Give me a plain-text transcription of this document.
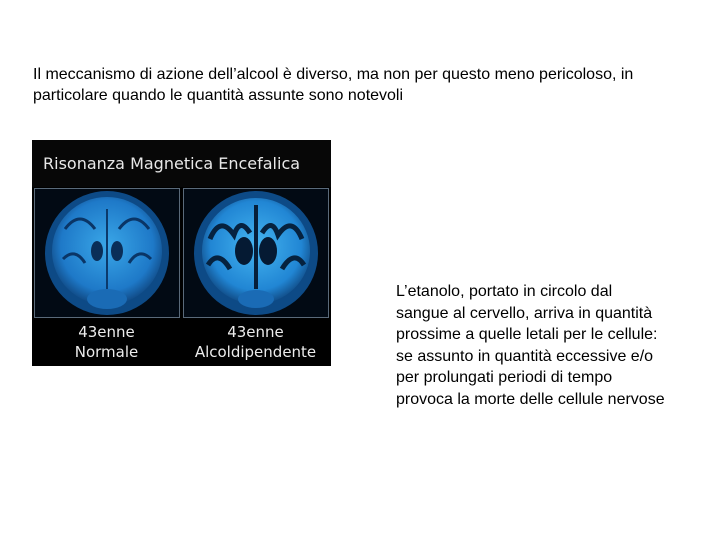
Il meccanismo di azione dell’alcool è diverso, ma non per questo meno pericoloso, in particolare quando le quantità assunte sono notevoli

Risonanza Magnetica Encefalica
43enne
Normale
43enne
Alcoldipendente

L’etanolo, portato in circolo dal sangue al cervello, arriva in quantità prossime a quelle letali per le cellule: se assunto in quantità eccessive e/o per prolungati periodi di tempo provoca la morte delle cellule nervose
